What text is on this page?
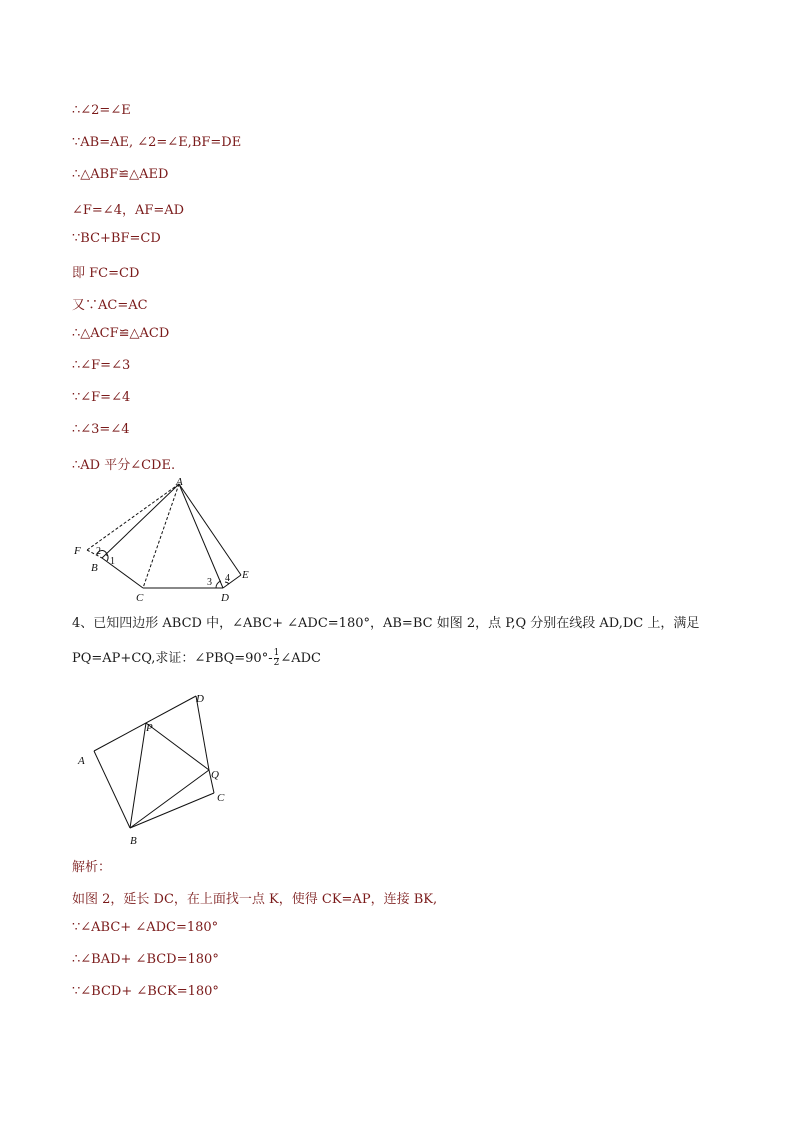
∴∠2=∠E
∵AB=AE, ∠2=∠E,BF=DE
∴△ABF≌△AED
∠F=∠4，AF=AD
∵BC+BF=CD
即 FC=CD
又∵AC=AC
∴△ACF≌△ACD
∴∠F=∠3
∵∠F=∠4
∴∠3=∠4
∴AD 平分∠CDE.
A
B
C	D
E
F
1
2
3 4
4、已知四边形 ABCD 中，∠ABC+ ∠ADC=180°，AB=BC 如图 2，点 P,Q 分别在线段 AD,DC 上，满足
PQ=AP+CQ,求证：∠PBQ=90°- $\frac{1}{2}$ ∠ADC
A
B
C
D
P
Q
解析：
如图 2，延长 DC，在上面找一点 K，使得 CK=AP，连接 BK,
∵∠ABC+ ∠ADC=180°
∴∠BAD+ ∠BCD=180°
∵∠BCD+ ∠BCK=180°
